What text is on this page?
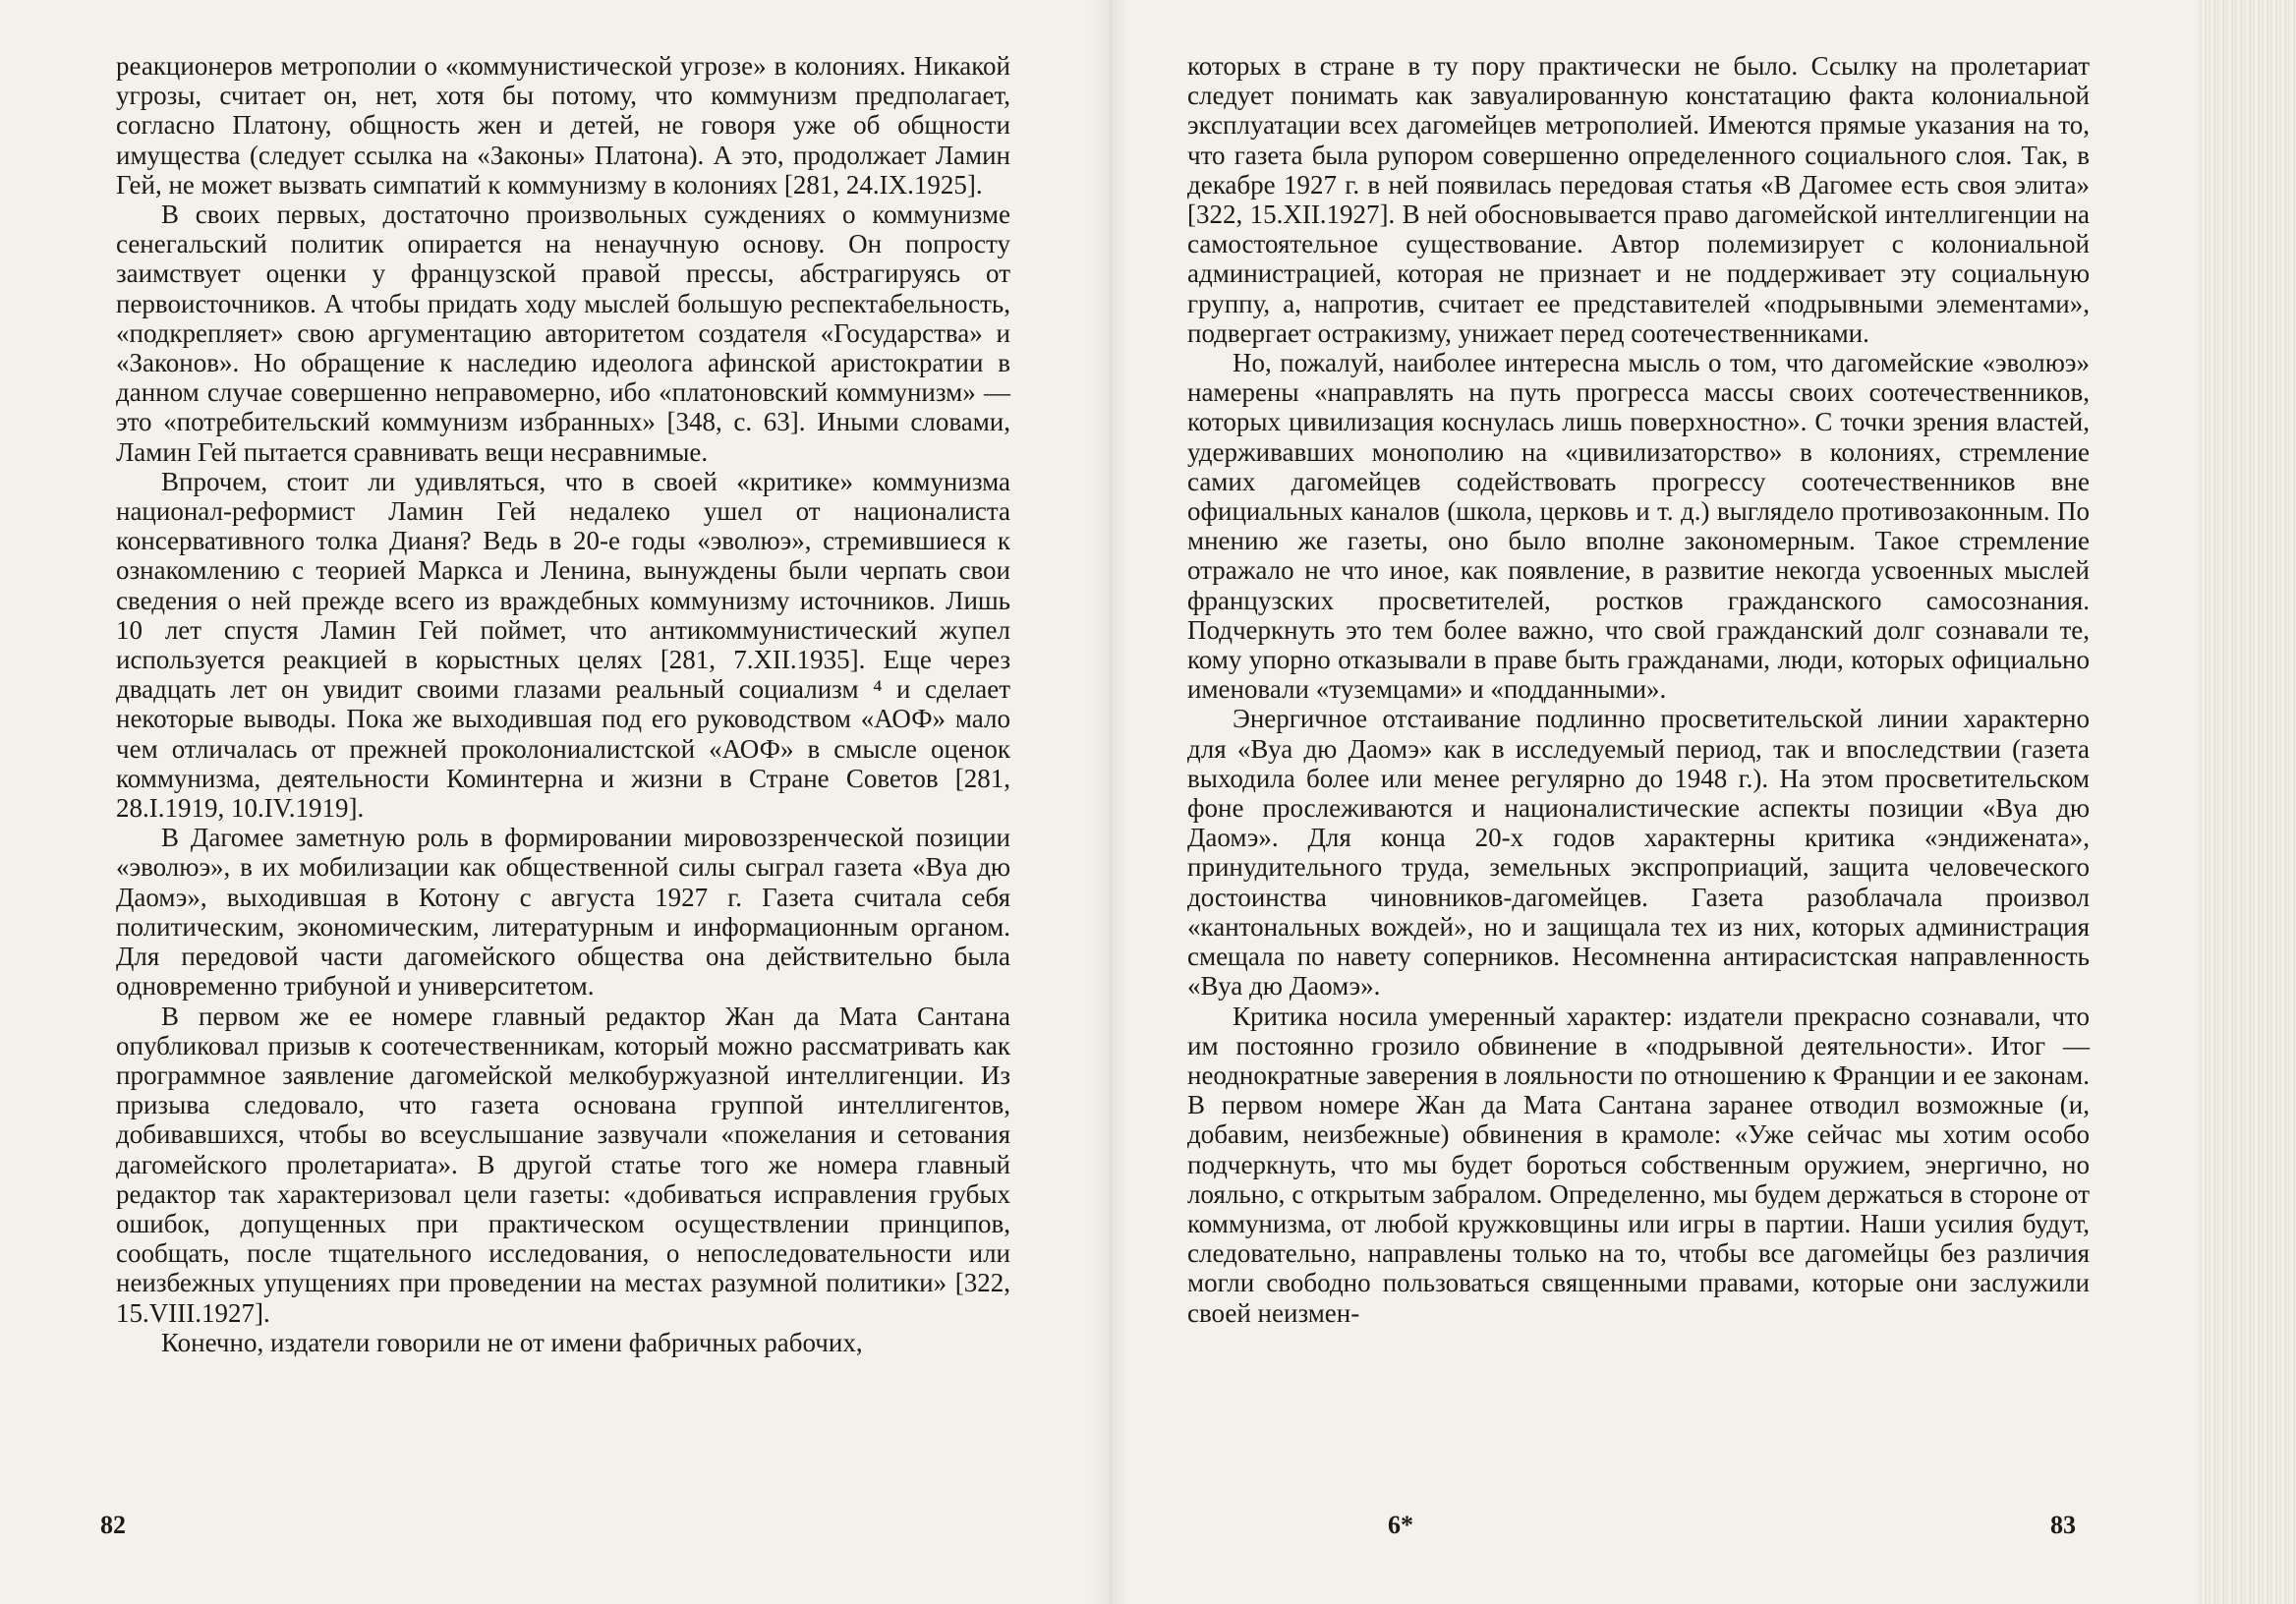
реакционеров метрополии о «коммунистической угрозе» в колониях. Никакой угрозы, считает он, нет, хотя бы потому, что коммунизм предполагает, согласно Платону, общность жен и детей, не говоря уже об общности имущества (следует ссылка на «Законы» Платона). А это, продолжает Ламин Гей, не может вызвать симпатий к коммунизму в колониях [281, 24.IX.1925].

В своих первых, достаточно произвольных суждениях о коммунизме сенегальский политик опирается на ненаучную основу. Он попросту заимствует оценки у французской правой прессы, абстрагируясь от первоисточников. А чтобы придать ходу мыслей большую респектабельность, «подкрепляет» свою аргументацию авторитетом создателя «Государства» и «Законов». Но обращение к наследию идеолога афинской аристократии в данном случае совершенно неправомерно, ибо «платоновский коммунизм» — это «потребительский коммунизм избранных» [348, с. 63]. Иными словами, Ламин Гей пытается сравнивать вещи несравнимые.

Впрочем, стоит ли удивляться, что в своей «критике» коммунизма национал-реформист Ламин Гей недалеко ушел от националиста консервативного толка Дианя? Ведь в 20-е годы «эволюэ», стремившиеся к ознакомлению с теорией Маркса и Ленина, вынуждены были черпать свои сведения о ней прежде всего из враждебных коммунизму источников. Лишь 10 лет спустя Ламин Гей поймет, что антикоммунистический жупел используется реакцией в корыстных целях [281, 7.XII.1935]. Еще через двадцать лет он увидит своими глазами реальный социализм ⁴ и сделает некоторые выводы. Пока же выходившая под его руководством «АОФ» мало чем отличалась от прежней проколониалистской «АОФ» в смысле оценок коммунизма, деятельности Коминтерна и жизни в Стране Советов [281, 28.I.1919, 10.IV.1919].

В Дагомее заметную роль в формировании мировоззренческой позиции «эволюэ», в их мобилизации как общественной силы сыграл газета «Вуа дю Даомэ», выходившая в Котону с августа 1927 г. Газета считала себя политическим, экономическим, литературным и информационным органом. Для передовой части дагомейского общества она действительно была одновременно трибуной и университетом.

В первом же ее номере главный редактор Жан да Мата Сантана опубликовал призыв к соотечественникам, который можно рассматривать как программное заявление дагомейской мелкобуржуазной интеллигенции. Из призыва следовало, что газета основана группой интеллигентов, добивавшихся, чтобы во всеуслышание зазвучали «пожелания и сетования дагомейского пролетариата». В другой статье того же номера главный редактор так характеризовал цели газеты: «добиваться исправления грубых ошибок, допущенных при практическом осуществлении принципов, сообщать, после тщательного исследования, о непоследовательности или неизбежных упущениях при проведении на местах разумной политики» [322, 15.VIII.1927].

Конечно, издатели говорили не от имени фабричных рабочих,

которых в стране в ту пору практически не было. Ссылку на пролетариат следует понимать как завуалированную констатацию факта колониальной эксплуатации всех дагомейцев метрополией. Имеются прямые указания на то, что газета была рупором совершенно определенного социального слоя. Так, в декабре 1927 г. в ней появилась передовая статья «В Дагомее есть своя элита» [322, 15.XII.1927]. В ней обосновывается право дагомейской интеллигенции на самостоятельное существование. Автор полемизирует с колониальной администрацией, которая не признает и не поддерживает эту социальную группу, а, напротив, считает ее представителей «подрывными элементами», подвергает остракизму, унижает перед соотечественниками.

Но, пожалуй, наиболее интересна мысль о том, что дагомейские «эволюэ» намерены «направлять на путь прогресса массы своих соотечественников, которых цивилизация коснулась лишь поверхностно». С точки зрения властей, удерживавших монополию на «цивилизаторство» в колониях, стремление самих дагомейцев содействовать прогрессу соотечественников вне официальных каналов (школа, церковь и т. д.) выглядело противозаконным. По мнению же газеты, оно было вполне закономерным. Такое стремление отражало не что иное, как появление, в развитие некогда усвоенных мыслей французских просветителей, ростков гражданского самосознания. Подчеркнуть это тем более важно, что свой гражданский долг сознавали те, кому упорно отказывали в праве быть гражданами, люди, которых официально именовали «туземцами» и «подданными».

Энергичное отстаивание подлинно просветительской линии характерно для «Вуа дю Даомэ» как в исследуемый период, так и впоследствии (газета выходила более или менее регулярно до 1948 г.). На этом просветительском фоне прослеживаются и националистические аспекты позиции «Вуа дю Даомэ». Для конца 20-х годов характерны критика «эндижената», принудительного труда, земельных экспроприаций, защита человеческого достоинства чиновников-дагомейцев. Газета разоблачала произвол «кантональных вождей», но и защищала тех из них, которых администрация смещала по навету соперников. Несомненна антирасистская направленность «Вуа дю Даомэ».

Критика носила умеренный характер: издатели прекрасно сознавали, что им постоянно грозило обвинение в «подрывной деятельности». Итог — неоднократные заверения в лояльности по отношению к Франции и ее законам. В первом номере Жан да Мата Сантана заранее отводил возможные (и, добавим, неизбежные) обвинения в крамоле: «Уже сейчас мы хотим особо подчеркнуть, что мы будет бороться собственным оружием, энергично, но лояльно, с открытым забралом. Определенно, мы будем держаться в стороне от коммунизма, от любой кружковщины или игры в партии. Наши усилия будут, следовательно, направлены только на то, чтобы все дагомейцы без различия могли свободно пользоваться священными правами, которые они заслужили своей неизмен-

82	6*	83
